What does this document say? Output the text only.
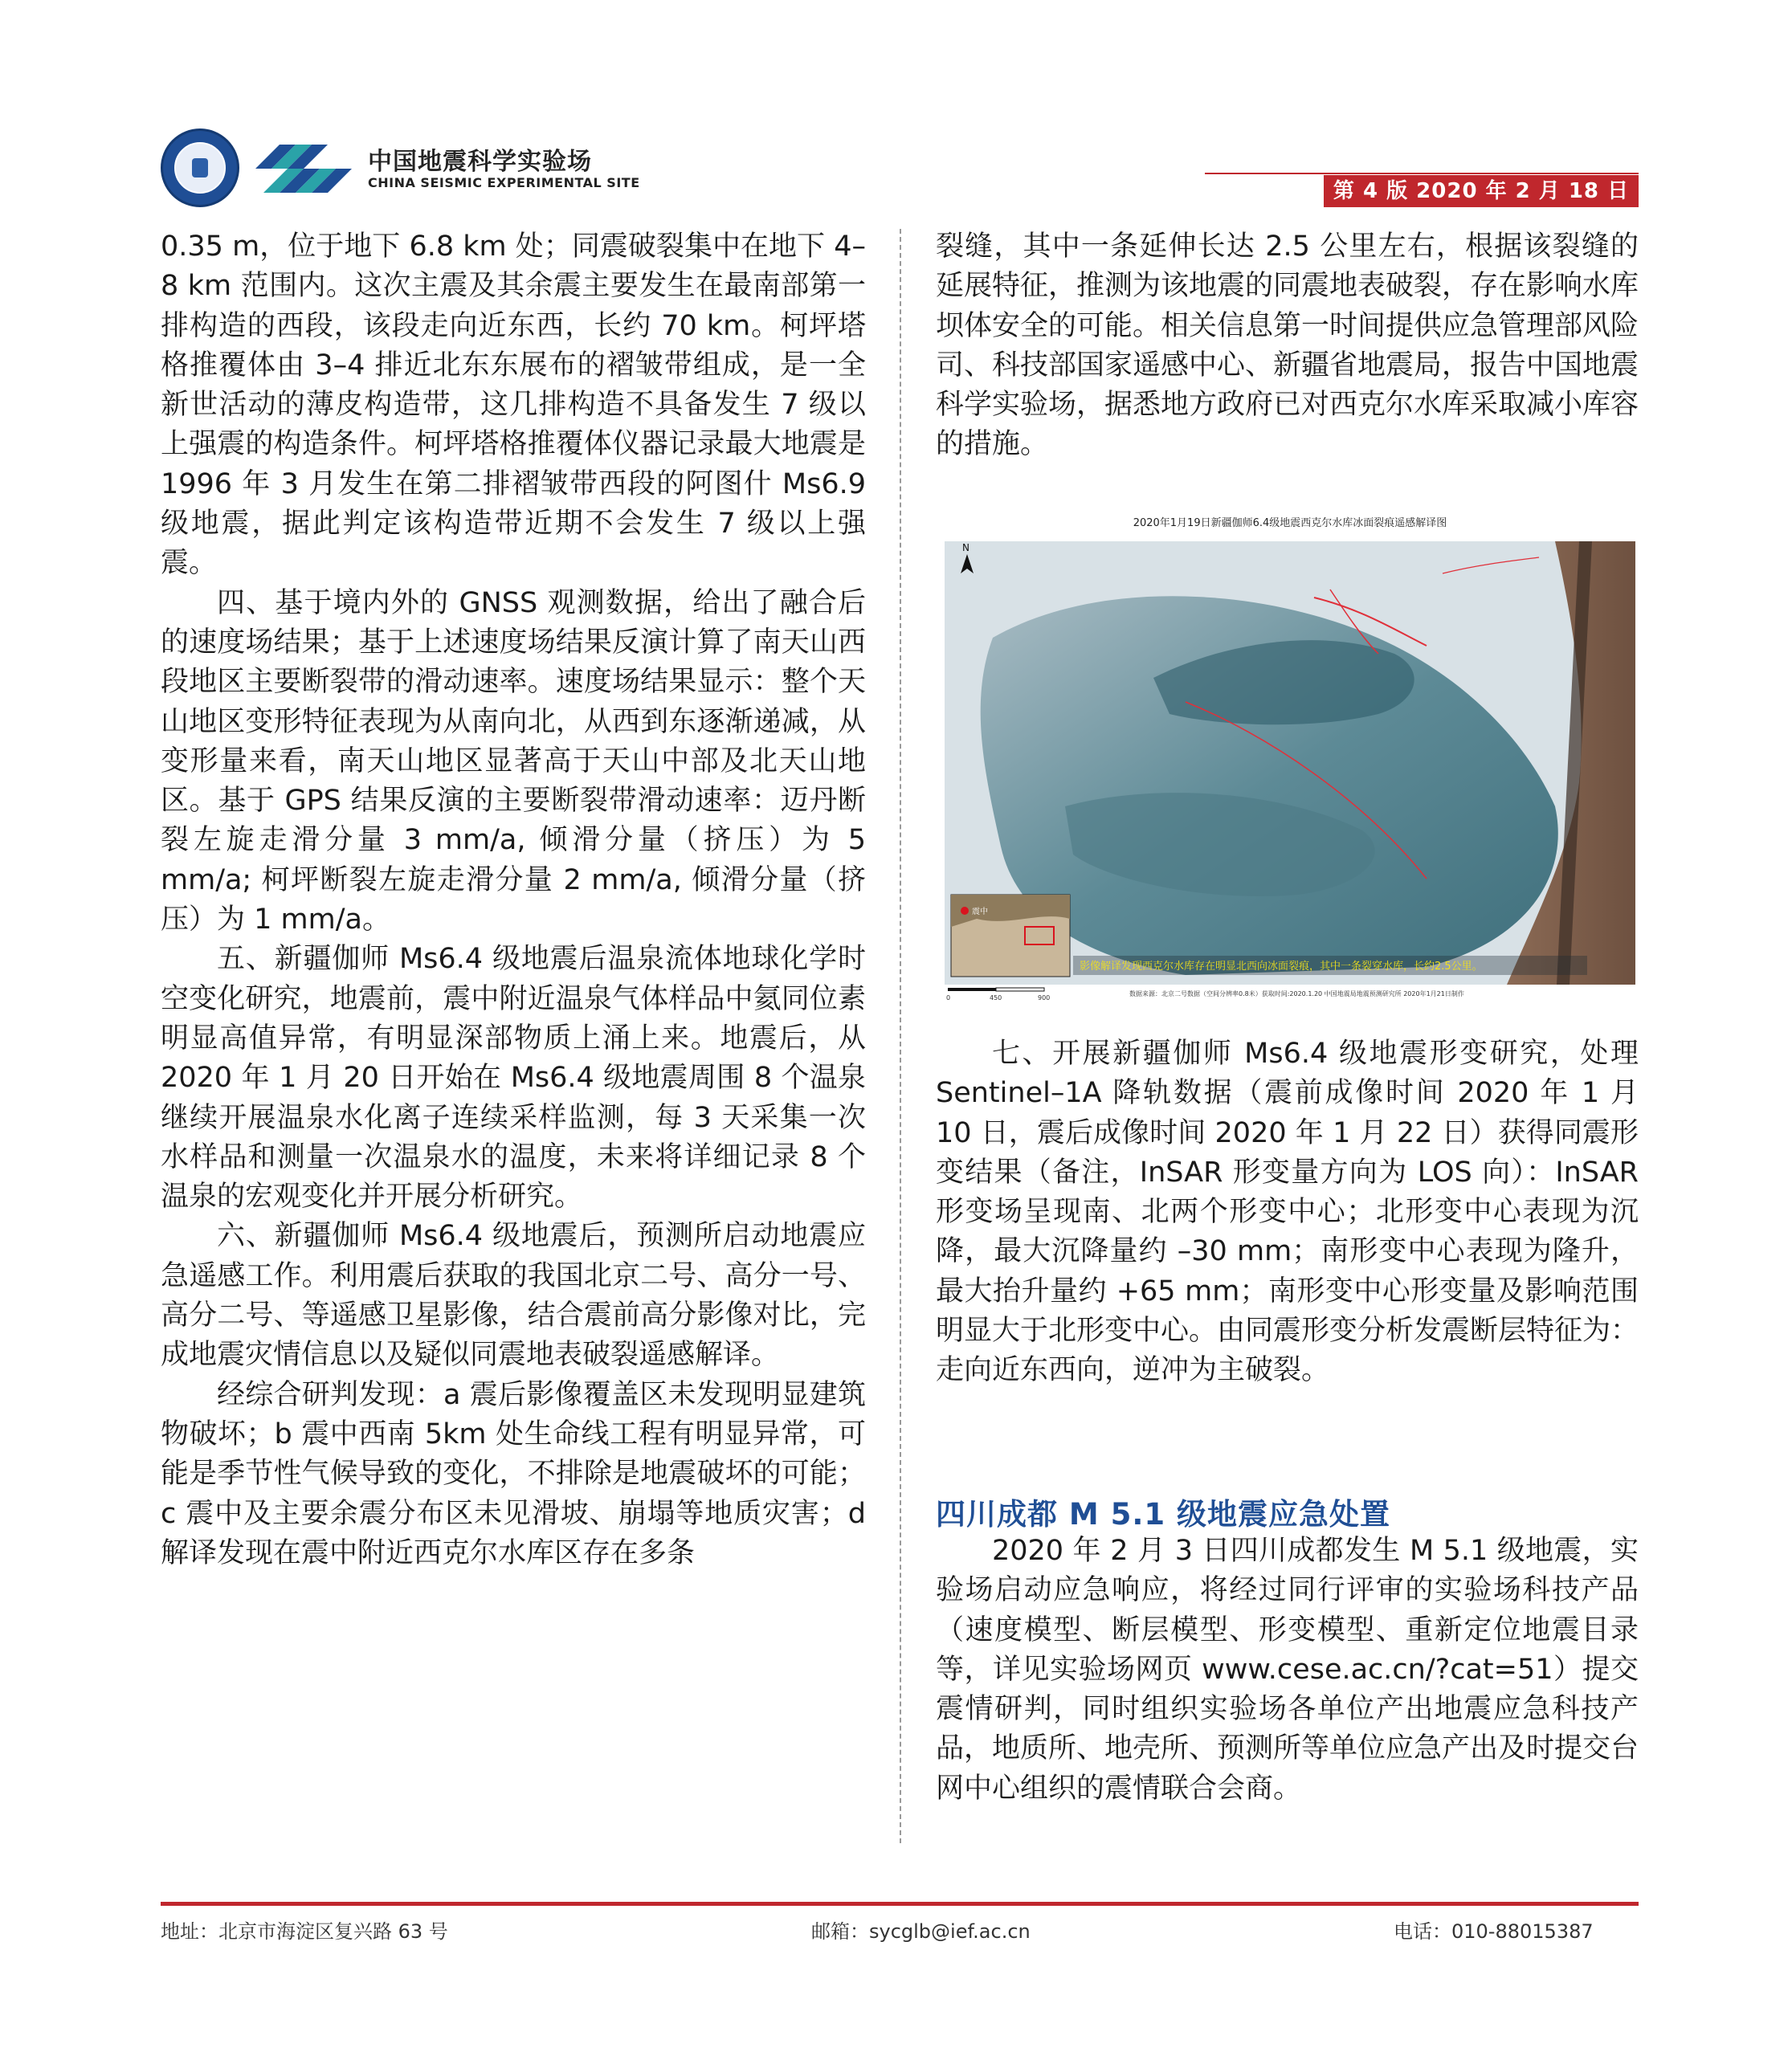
中国地震科学实验场
CHINA SEISMIC EXPERIMENTAL SITE	第 4 版 2020 年 2 月 18 日

0.35 m，位于地下 6.8 km 处；同震破裂集中在地下 4–8 km 范围内。这次主震及其余震主要发生在最南部第一排构造的西段，该段走向近东西，长约 70 km。柯坪塔格推覆体由 3–4 排近北东东展布的褶皱带组成，是一全新世活动的薄皮构造带，这几排构造不具备发生 7 级以上强震的构造条件。柯坪塔格推覆体仪器记录最大地震是 1996 年 3 月发生在第二排褶皱带西段的阿图什 Ms6.9 级地震，据此判定该构造带近期不会发生 7 级以上强震。

四、基于境内外的 GNSS 观测数据，给出了融合后的速度场结果；基于上述速度场结果反演计算了南天山西段地区主要断裂带的滑动速率。速度场结果显示：整个天山地区变形特征表现为从南向北，从西到东逐渐递减，从变形量来看，南天山地区显著高于天山中部及北天山地区。基于 GPS 结果反演的主要断裂带滑动速率：迈丹断裂左旋走滑分量 3 mm/a, 倾滑分量（挤压）为 5 mm/a; 柯坪断裂左旋走滑分量 2 mm/a, 倾滑分量（挤压）为 1 mm/a。

五、新疆伽师 Ms6.4 级地震后温泉流体地球化学时空变化研究，地震前，震中附近温泉气体样品中氦同位素明显高值异常，有明显深部物质上涌上来。地震后，从 2020 年 1 月 20 日开始在 Ms6.4 级地震周围 8 个温泉继续开展温泉水化离子连续采样监测，每 3 天采集一次水样品和测量一次温泉水的温度，未来将详细记录 8 个温泉的宏观变化并开展分析研究。

六、新疆伽师 Ms6.4 级地震后，预测所启动地震应急遥感工作。利用震后获取的我国北京二号、高分一号、高分二号、等遥感卫星影像，结合震前高分影像对比，完成地震灾情信息以及疑似同震地表破裂遥感解译。

经综合研判发现：a 震后影像覆盖区未发现明显建筑物破坏；b 震中西南 5km 处生命线工程有明显异常，可能是季节性气候导致的变化，不排除是地震破坏的可能；c 震中及主要余震分布区未见滑坡、崩塌等地质灾害；d 解译发现在震中附近西克尔水库区存在多条

裂缝，其中一条延伸长达 2.5 公里左右，根据该裂缝的延展特征，推测为该地震的同震地表破裂，存在影响水库坝体安全的可能。相关信息第一时间提供应急管理部风险司、科技部国家遥感中心、新疆省地震局，报告中国地震科学实验场，据悉地方政府已对西克尔水库采取减小库容的措施。

2020年1月19日新疆伽师6.4级地震西克尔水库冰面裂痕遥感解译图
N
震中
影像解译发现西克尔水库存在明显北西向冰面裂痕，其中一条裂穿水库，长约2.5公里。
0	450	900
数据来源：北京二号数据（空间分辨率0.8米）获取时间:2020.1.20 中国地震局地震预测研究所 2020年1月21日制作

七、开展新疆伽师 Ms6.4 级地震形变研究，处理 Sentinel–1A 降轨数据（震前成像时间 2020 年 1 月 10 日，震后成像时间 2020 年 1 月 22 日）获得同震形变结果（备注，InSAR 形变量方向为 LOS 向）：InSAR 形变场呈现南、北两个形变中心；北形变中心表现为沉降，最大沉降量约 –30 mm；南形变中心表现为隆升，最大抬升量约 +65 mm；南形变中心形变量及影响范围明显大于北形变中心。由同震形变分析发震断层特征为：走向近东西向，逆冲为主破裂。

四川成都 M 5.1 级地震应急处置

2020 年 2 月 3 日四川成都发生 M 5.1 级地震，实验场启动应急响应，将经过同行评审的实验场科技产品（速度模型、断层模型、形变模型、重新定位地震目录等，详见实验场网页 www.cese.ac.cn/?cat=51）提交震情研判，同时组织实验场各单位产出地震应急科技产品，地质所、地壳所、预测所等单位应急产出及时提交台网中心组织的震情联合会商。

地址：北京市海淀区复兴路 63 号	邮箱：sycglb@ief.ac.cn	电话：010-88015387
